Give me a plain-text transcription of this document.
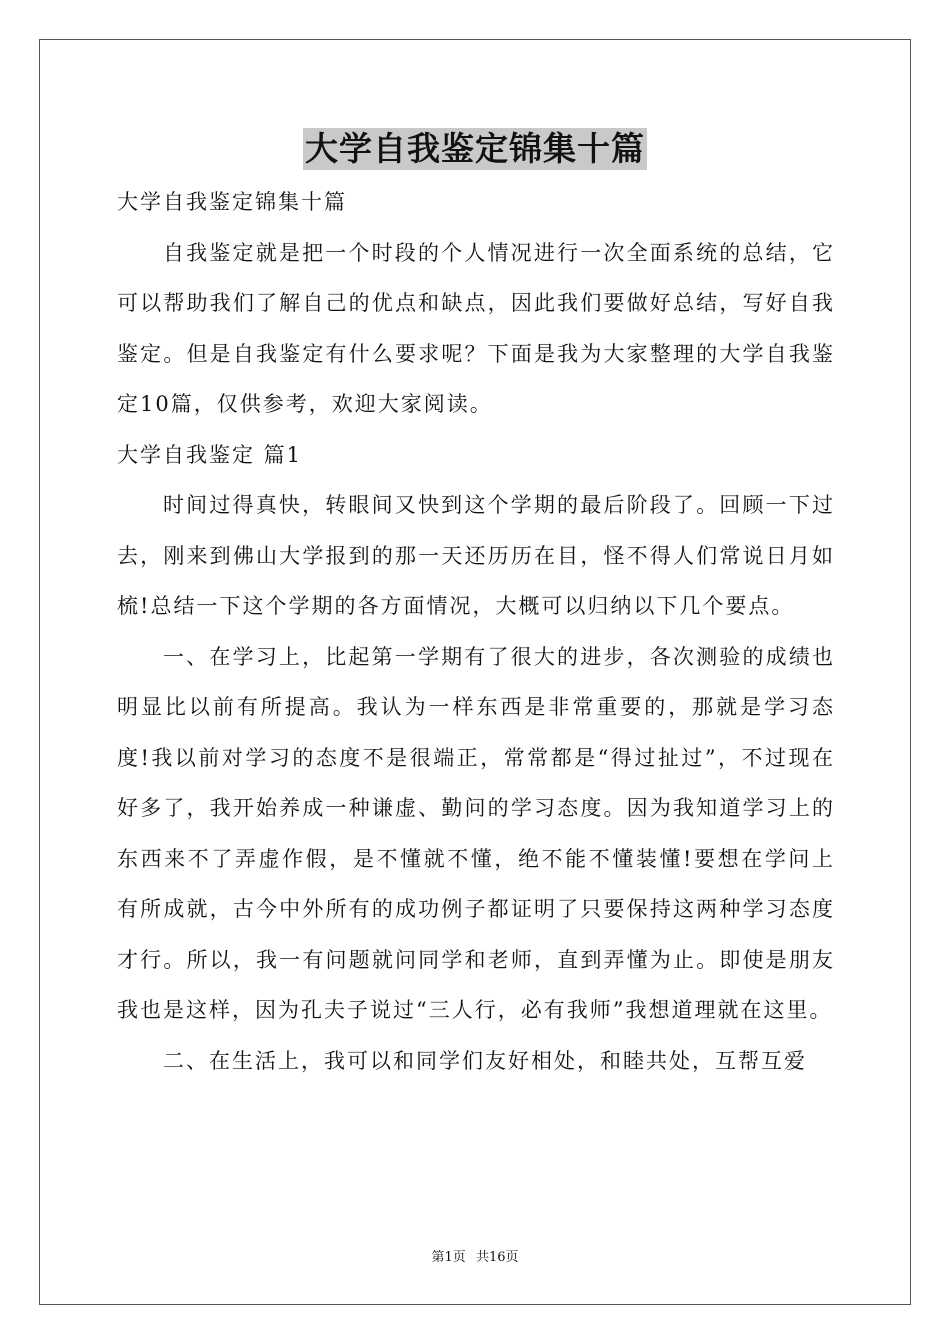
大学自我鉴定锦集十篇

大学自我鉴定锦集十篇

自我鉴定就是把一个时段的个人情况进行一次全面系统的总结，它可以帮助我们了解自己的优点和缺点，因此我们要做好总结，写好自我鉴定。但是自我鉴定有什么要求呢？下面是我为大家整理的大学自我鉴定10篇，仅供参考，欢迎大家阅读。

大学自我鉴定 篇1

时间过得真快，转眼间又快到这个学期的最后阶段了。回顾一下过去，刚来到佛山大学报到的那一天还历历在目，怪不得人们常说日月如梳!总结一下这个学期的各方面情况，大概可以归纳以下几个要点。

一、在学习上，比起第一学期有了很大的进步，各次测验的成绩也明显比以前有所提高。我认为一样东西是非常重要的，那就是学习态度!我以前对学习的态度不是很端正，常常都是“得过扯过”，不过现在好多了，我开始养成一种谦虚、勤问的学习态度。因为我知道学习上的东西来不了弄虚作假，是不懂就不懂，绝不能不懂装懂!要想在学问上有所成就，古今中外所有的成功例子都证明了只要保持这两种学习态度才行。所以，我一有问题就问同学和老师，直到弄懂为止。即使是朋友我也是这样，因为孔夫子说过“三人行，必有我师”我想道理就在这里。

二、在生活上，我可以和同学们友好相处，和睦共处，互帮互爱

第1页 共16页
